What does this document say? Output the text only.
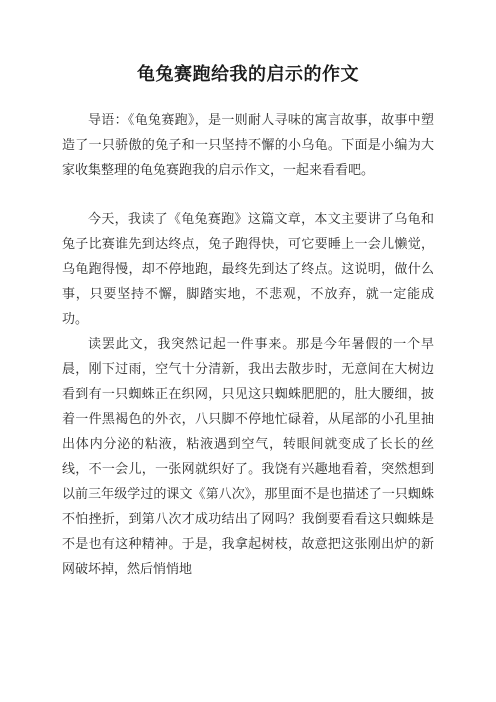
龟兔赛跑给我的启示的作文

导语：《龟兔赛跑》，是一则耐人寻味的寓言故事，故事中塑造了一只骄傲的兔子和一只坚持不懈的小乌龟。下面是小编为大家收集整理的龟兔赛跑我的启示作文，一起来看看吧。

今天，我读了《龟兔赛跑》这篇文章，本文主要讲了乌龟和兔子比赛谁先到达终点，兔子跑得快，可它要睡上一会儿懒觉，乌龟跑得慢，却不停地跑，最终先到达了终点。这说明，做什么事，只要坚持不懈，脚踏实地，不悲观，不放弃，就一定能成功。

读罢此文，我突然记起一件事来。那是今年暑假的一个早晨，刚下过雨，空气十分清新，我出去散步时，无意间在大树边看到有一只蜘蛛正在织网，只见这只蜘蛛肥肥的，肚大腰细，披着一件黑褐色的外衣，八只脚不停地忙碌着，从尾部的小孔里抽出体内分泌的粘液，粘液遇到空气，转眼间就变成了长长的丝线，不一会儿，一张网就织好了。我饶有兴趣地看着，突然想到以前三年级学过的课文《第八次》，那里面不是也描述了一只蜘蛛不怕挫折，到第八次才成功结出了网吗？我倒要看看这只蜘蛛是不是也有这种精神。于是，我拿起树枝，故意把这张刚出炉的新网破坏掉，然后悄悄地
